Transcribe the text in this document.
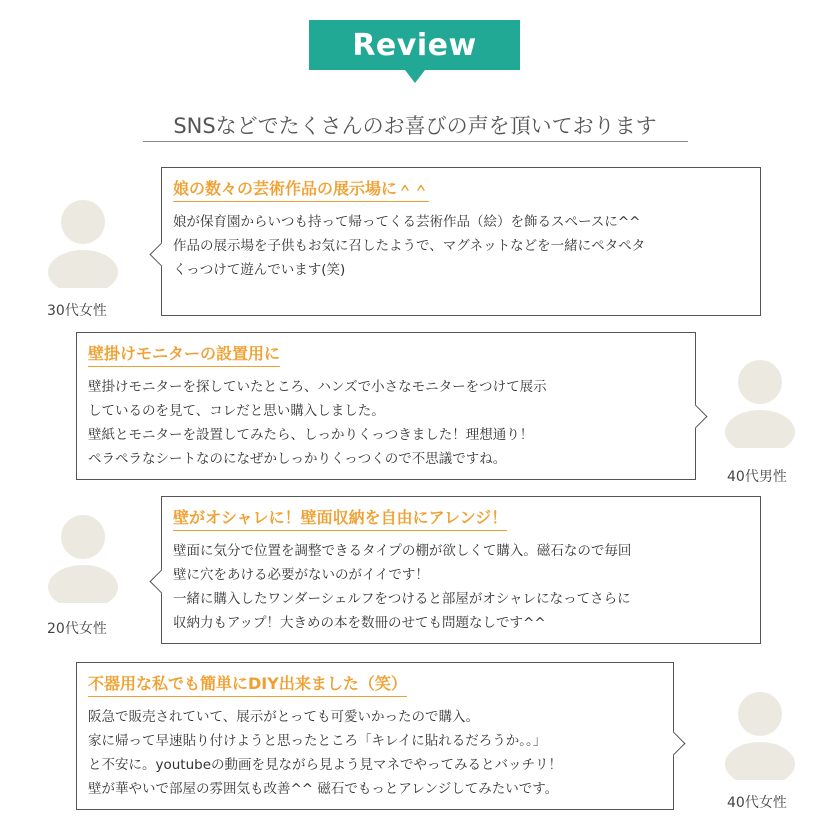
Review
SNSなどでたくさんのお喜びの声を頂いております
30代女性
娘の数々の芸術作品の展示場に＾＾
娘が保育園からいつも持って帰ってくる芸術作品（絵）を飾るスペースに^^
作品の展示場を子供もお気に召したようで、マグネットなどを一緒にペタペタ
くっつけて遊んでいます(笑)
壁掛けモニターの設置用に
壁掛けモニターを探していたところ、ハンズで小さなモニターをつけて展示
しているのを見て、コレだと思い購入しました。
壁紙とモニターを設置してみたら、しっかりくっつきました！理想通り！
ペラペラなシートなのになぜかしっかりくっつくので不思議ですね。
40代男性
20代女性
壁がオシャレに！壁面収納を自由にアレンジ！
壁面に気分で位置を調整できるタイプの棚が欲しくて購入。磁石なので毎回
壁に穴をあける必要がないのがイイです！
一緒に購入したワンダーシェルフをつけると部屋がオシャレになってさらに
収納力もアップ！大きめの本を数冊のせても問題なしです^^
不器用な私でも簡単にDIY出来ました（笑）
阪急で販売されていて、展示がとっても可愛いかったので購入。
家に帰って早速貼り付けようと思ったところ「キレイに貼れるだろうか。。」
と不安に。youtubeの動画を見ながら見よう見マネでやってみるとバッチリ！
壁が華やいで部屋の雰囲気も改善^^ 磁石でもっとアレンジしてみたいです。
40代女性
